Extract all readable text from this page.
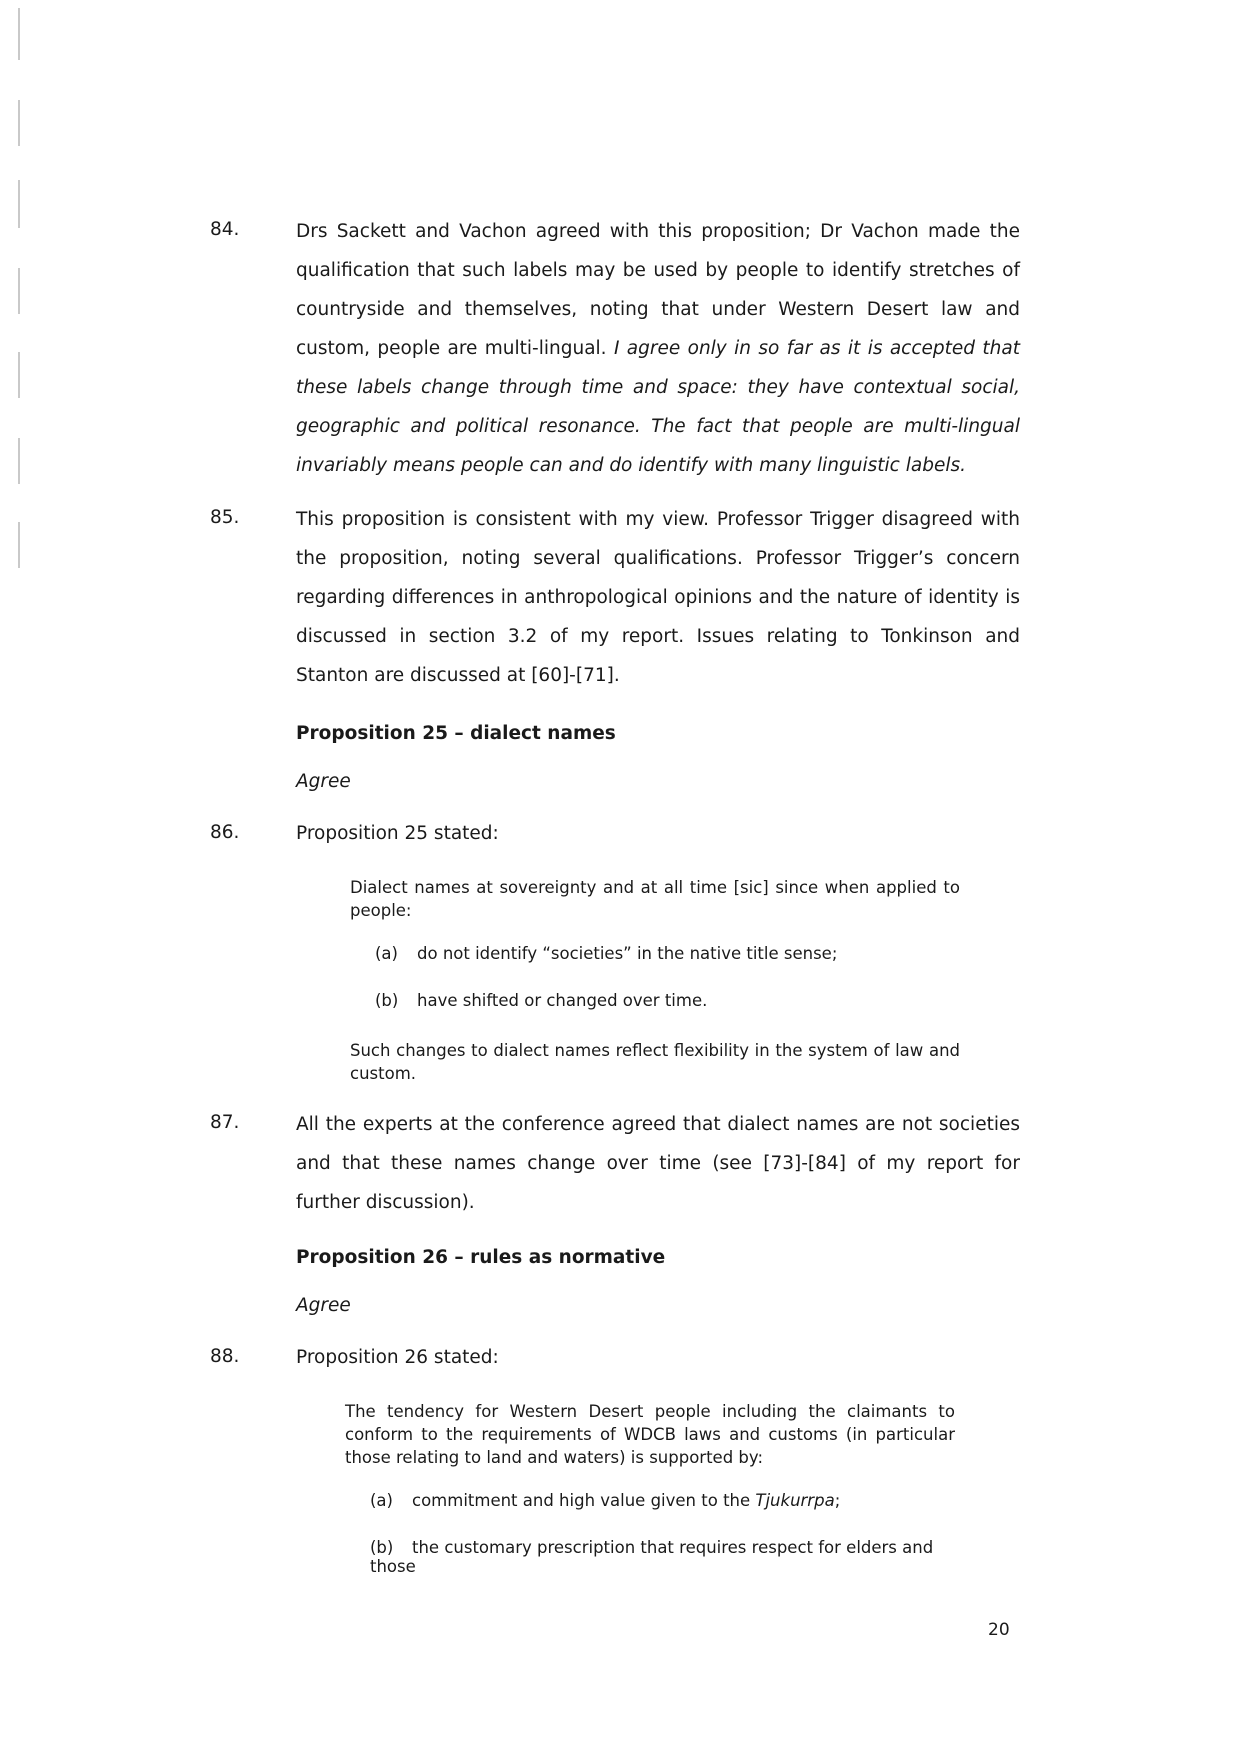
84.	Drs Sackett and Vachon agreed with this proposition; Dr Vachon made the qualification that such labels may be used by people to identify stretches of countryside and themselves, noting that under Western Desert law and custom, people are multi-lingual. I agree only in so far as it is accepted that these labels change through time and space: they have contextual social, geographic and political resonance. The fact that people are multi-lingual invariably means people can and do identify with many linguistic labels.
85.	This proposition is consistent with my view. Professor Trigger disagreed with the proposition, noting several qualifications. Professor Trigger’s concern regarding differences in anthropological opinions and the nature of identity is discussed in section 3.2 of my report. Issues relating to Tonkinson and Stanton are discussed at [60]-[71].
Proposition 25 – dialect names
Agree
86.	Proposition 25 stated:
Dialect names at sovereignty and at all time [sic] since when applied to people:
(a) do not identify “societies” in the native title sense;
(b) have shifted or changed over time.
Such changes to dialect names reflect flexibility in the system of law and custom.
87.	All the experts at the conference agreed that dialect names are not societies and that these names change over time (see [73]-[84] of my report for further discussion).
Proposition 26 – rules as normative
Agree
88.	Proposition 26 stated:
The tendency for Western Desert people including the claimants to conform to the requirements of WDCB laws and customs (in particular those relating to land and waters) is supported by:
(a) commitment and high value given to the Tjukurrpa;
(b) the customary prescription that requires respect for elders and those
20
